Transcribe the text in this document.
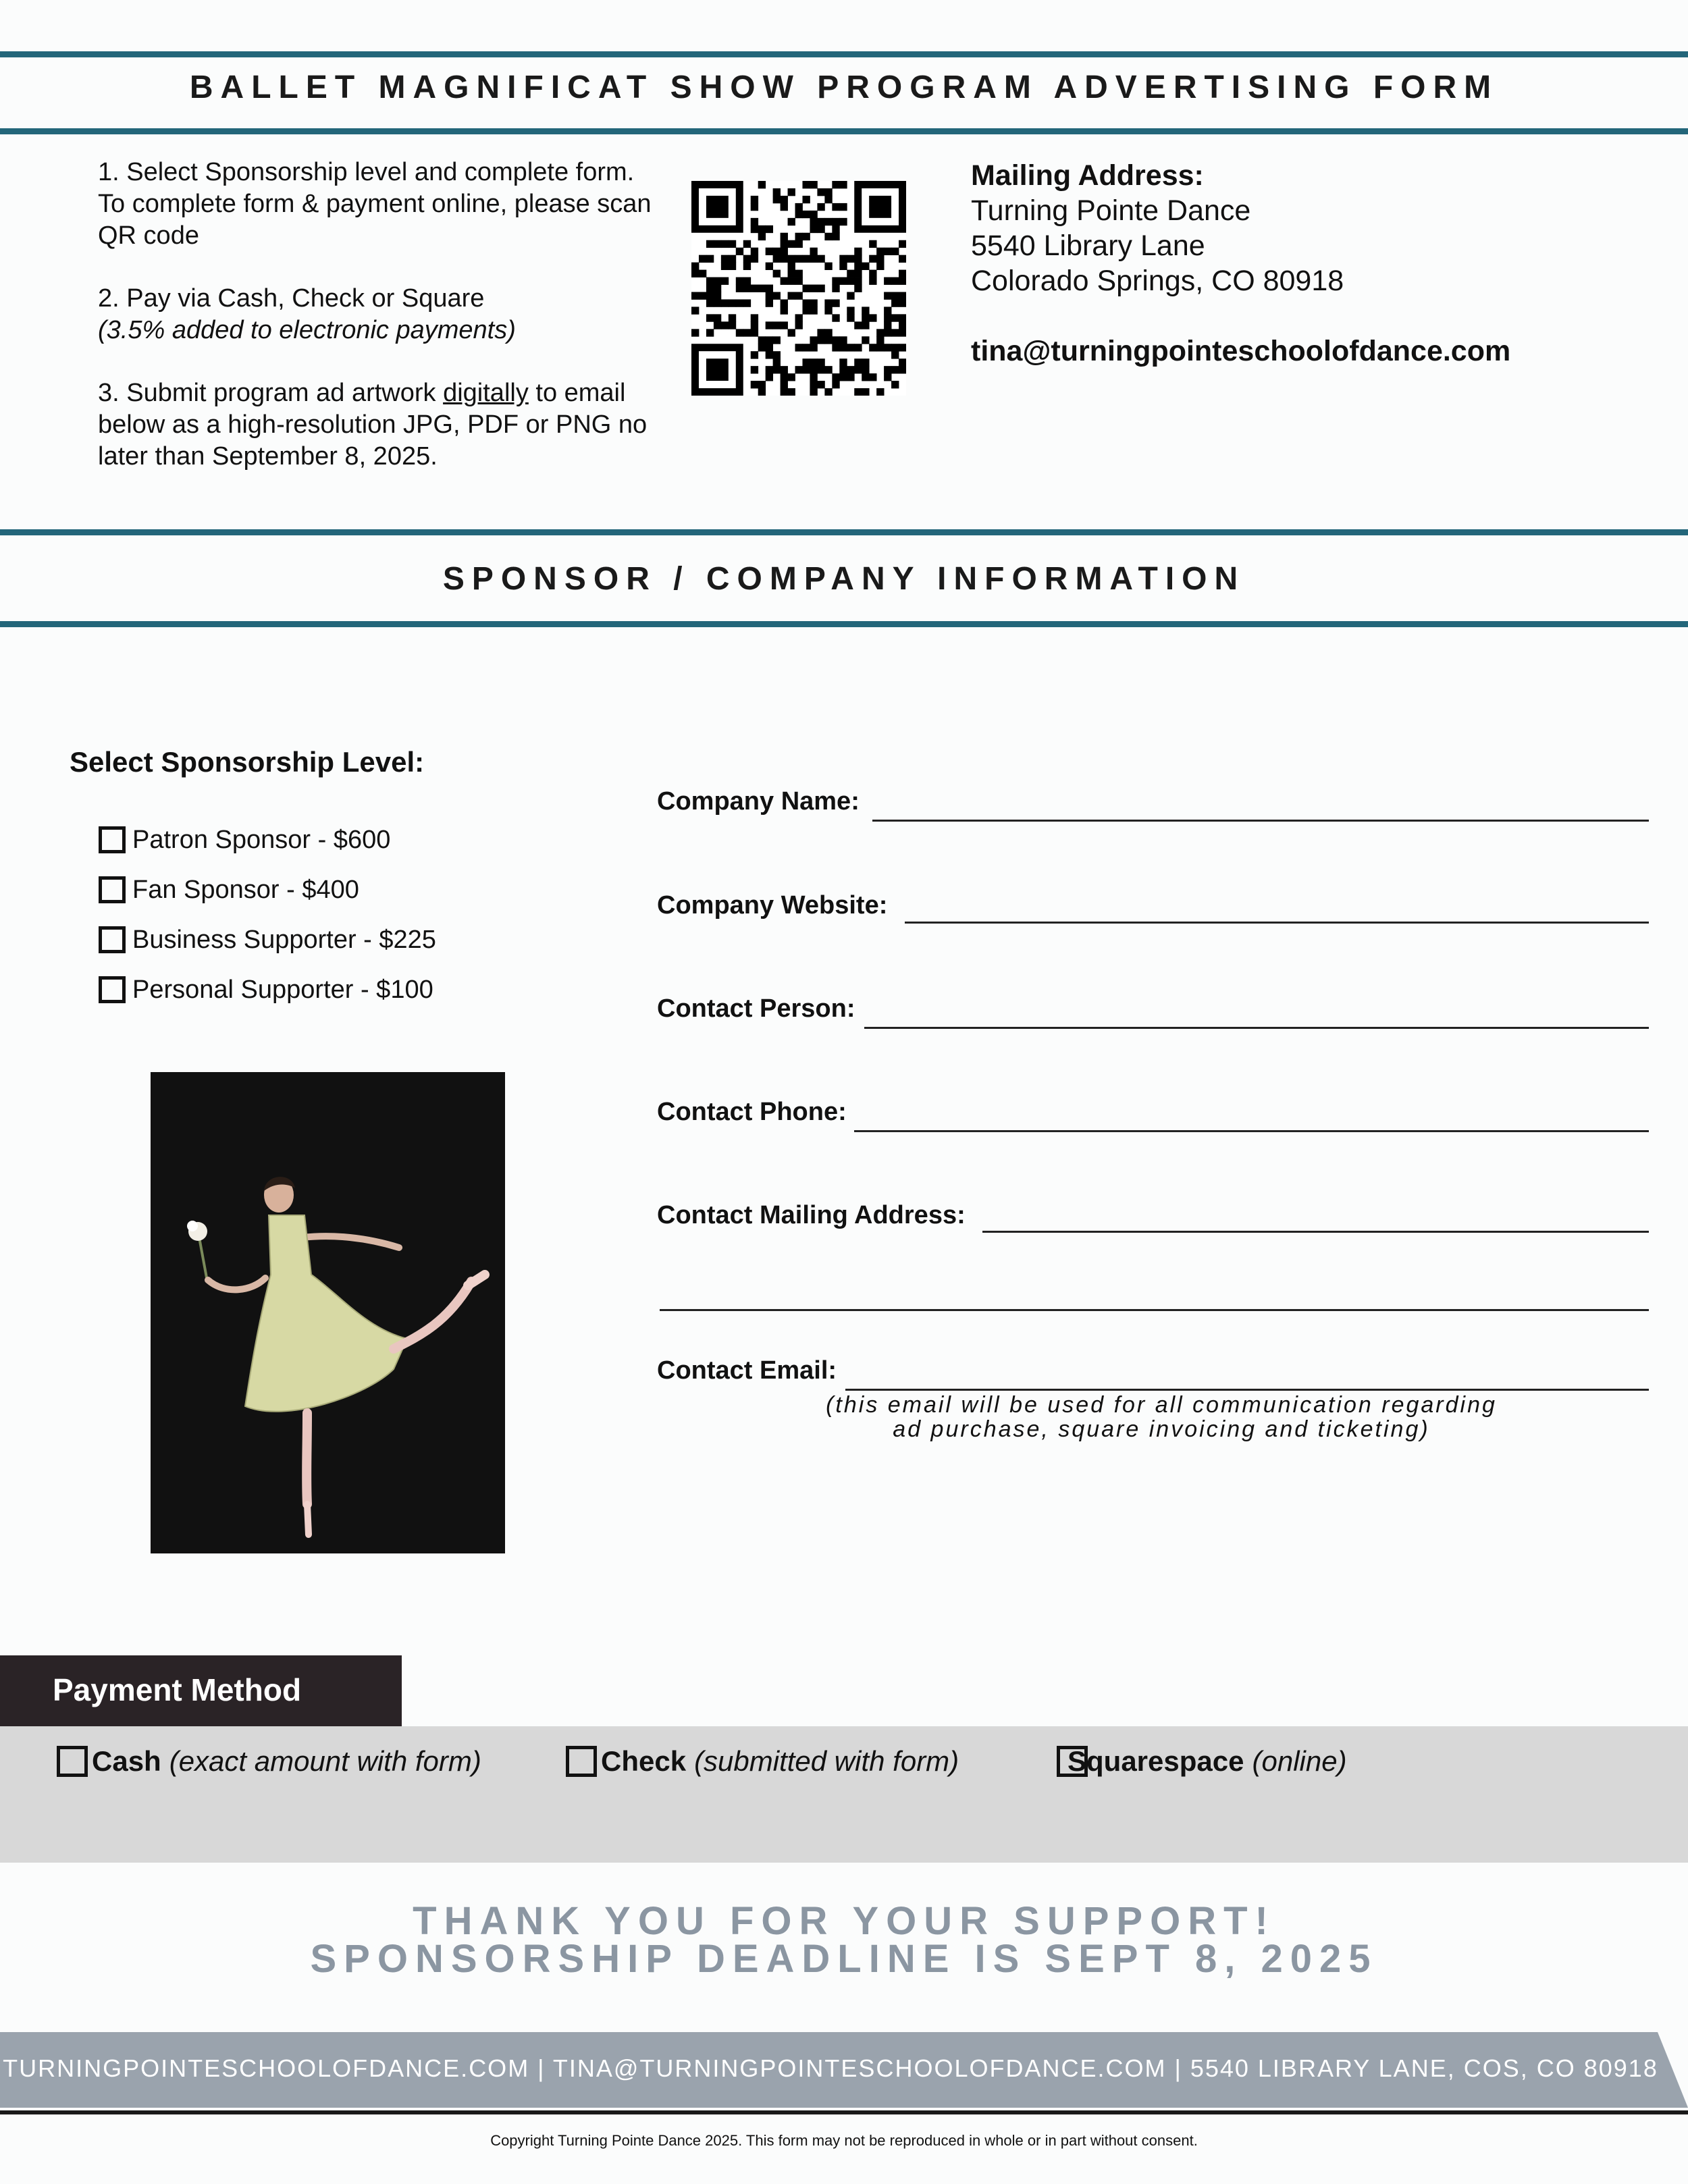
BALLET MAGNIFICAT SHOW PROGRAM ADVERTISING FORM

1. Select Sponsorship level and complete form. To complete form & payment online, please scan QR code

2. Pay via Cash, Check or Square
(3.5% added to electronic payments)

3. Submit program ad artwork digitally to email below as a high-resolution JPG, PDF or PNG no later than September 8, 2025.

Mailing Address:
Turning Pointe Dance
5540 Library Lane
Colorado Springs, CO 80918
tina@turningpointeschoolofdance.com
SPONSOR / COMPANY INFORMATION
Select Sponsorship Level:
Patron Sponsor - $600
Fan Sponsor - $400
Business Supporter - $225
Personal Supporter - $100
Company Name:
Company Website:
Contact Person:
Contact Phone:
Contact Mailing Address:
Contact Email:
(this email will be used for all communication regarding
ad purchase, square invoicing and ticketing)
Payment Method
Cash (exact amount with form)	Check (submitted with form)	Squarespace (online)
THANK YOU FOR YOUR SUPPORT!
SPONSORSHIP DEADLINE IS SEPT 8, 2025
TURNINGPOINTESCHOOLOFDANCE.COM | TINA@TURNINGPOINTESCHOOLOFDANCE.COM | 5540 LIBRARY LANE, COS, CO 80918
Copyright Turning Pointe Dance 2025. This form may not be reproduced in whole or in part without consent.
